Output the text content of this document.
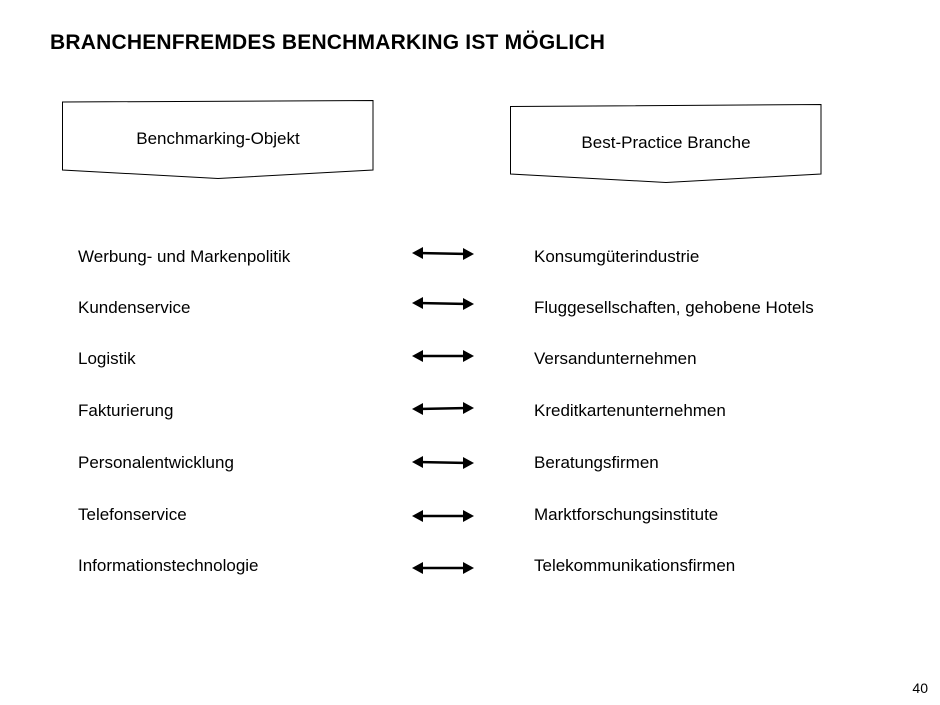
BRANCHENFREMDES BENCHMARKING IST MÖGLICH
Benchmarking-Objekt	Best-Practice Branche
Werbung- und Markenpolitik	Konsumgüterindustrie
Kundenservice	Fluggesellschaften, gehobene Hotels
Logistik	Versandunternehmen
Fakturierung	Kreditkartenunternehmen
Personalentwicklung	Beratungsfirmen
Telefonservice	Marktforschungsinstitute
Informationstechnologie	Telekommunikationsfirmen
40
